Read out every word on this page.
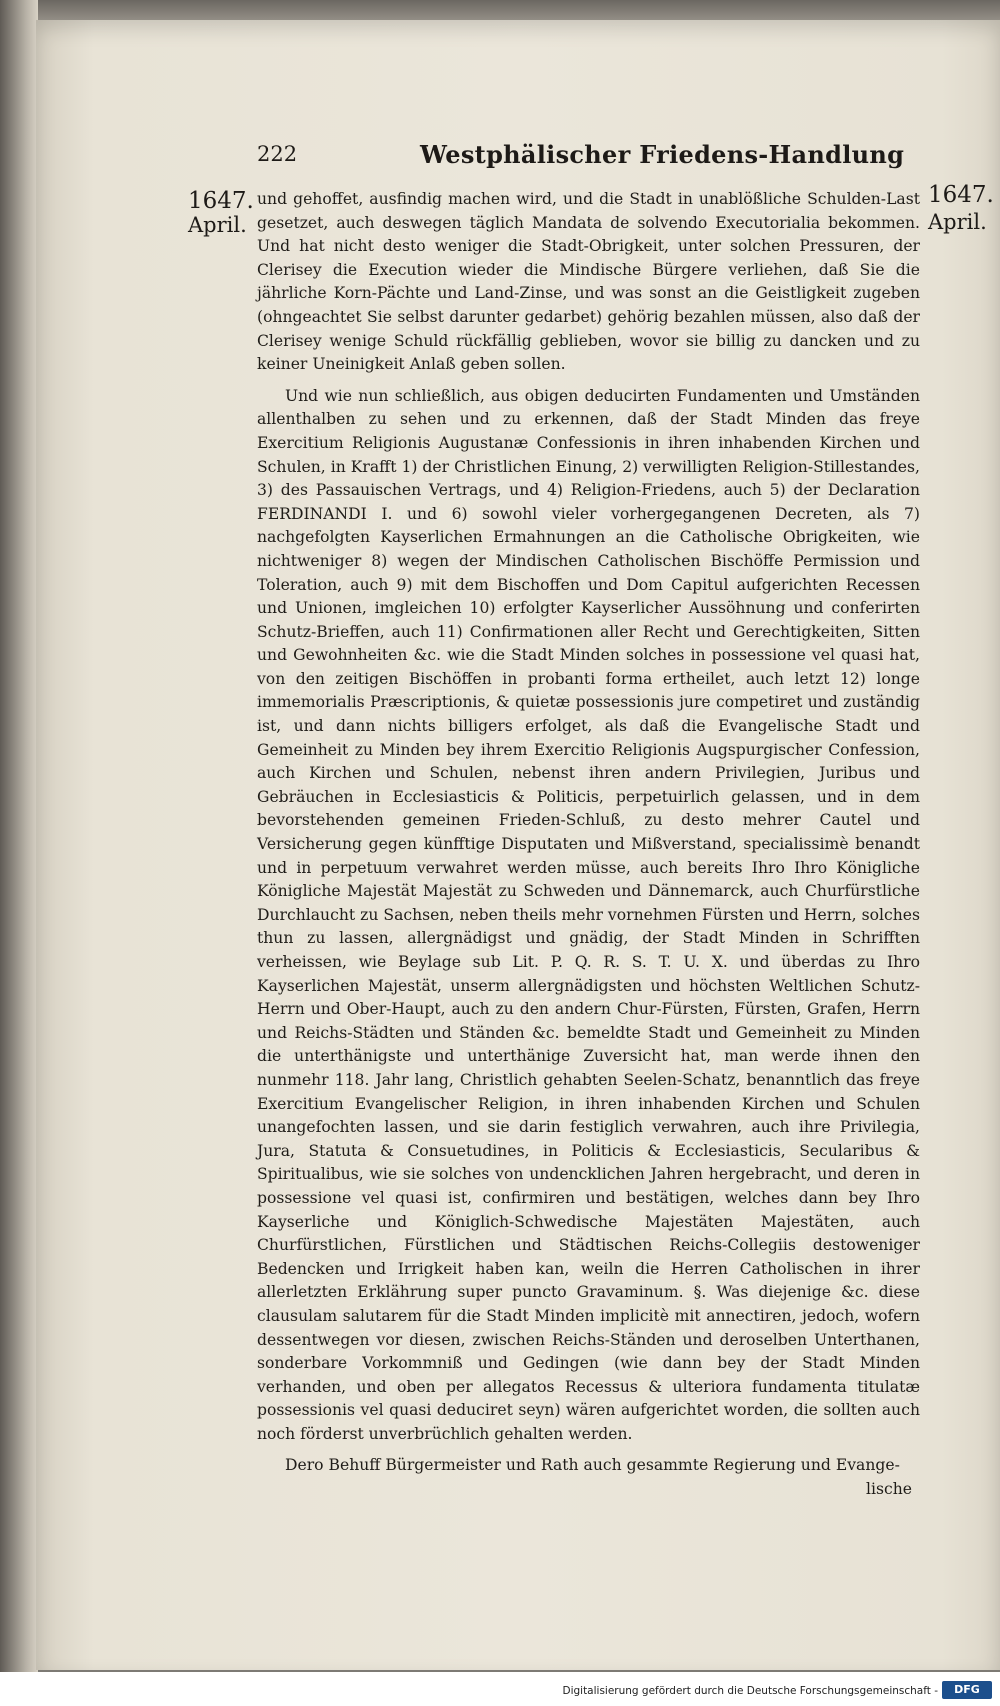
222	Westphälischer Friedens-Handlung
1647.
April.
1647.
April.

und gehoffet, ausfindig machen wird, und die Stadt in unablößliche Schulden-Last gesetzet, auch deswegen täglich Mandata de solvendo Executorialia bekommen. Und hat nicht desto weniger die Stadt-Obrigkeit, unter solchen Pressuren, der Clerisey die Execution wieder die Mindische Bürgere verliehen, daß Sie die jährliche Korn-Pächte und Land-Zinse, und was sonst an die Geistligkeit zugeben (ohngeachtet Sie selbst darunter gedarbet) gehörig bezahlen müssen, also daß der Clerisey wenige Schuld rückfällig geblieben, wovor sie billig zu dancken und zu keiner Uneinigkeit Anlaß geben sollen.

Und wie nun schließlich, aus obigen deducirten Fundamenten und Umständen allenthalben zu sehen und zu erkennen, daß der Stadt Minden das freye Exercitium Religionis Augustanæ Confessionis in ihren inhabenden Kirchen und Schulen, in Krafft 1) der Christlichen Einung, 2) verwilligten Religion-Stillestandes, 3) des Passauischen Vertrags, und 4) Religion-Friedens, auch 5) der Declaration FERDINANDI I. und 6) sowohl vieler vorhergegangenen Decreten, als 7) nachgefolgten Kayserlichen Ermahnungen an die Catholische Obrigkeiten, wie nichtweniger 8) wegen der Mindischen Catholischen Bischöffe Permission und Toleration, auch 9) mit dem Bischoffen und Dom Capitul aufgerichten Recessen und Unionen, imgleichen 10) erfolgter Kayserlicher Aussöhnung und conferirten Schutz-Brieffen, auch 11) Confirmationen aller Recht und Gerechtigkeiten, Sitten und Gewohnheiten &c. wie die Stadt Minden solches in possessione vel quasi hat, von den zeitigen Bischöffen in probanti forma ertheilet, auch letzt 12) longe immemorialis Præscriptionis, & quietæ possessionis jure competiret und zuständig ist, und dann nichts billigers erfolget, als daß die Evangelische Stadt und Gemeinheit zu Minden bey ihrem Exercitio Religionis Augspurgischer Confession, auch Kirchen und Schulen, nebenst ihren andern Privilegien, Juribus und Gebräuchen in Ecclesiasticis & Politicis, perpetuirlich gelassen, und in dem bevorstehenden gemeinen Frieden-Schluß, zu desto mehrer Cautel und Versicherung gegen künfftige Disputaten und Mißverstand, specialissimè benandt und in perpetuum verwahret werden müsse, auch bereits Ihro Ihro Königliche Königliche Majestät Majestät zu Schweden und Dännemarck, auch Churfürstliche Durchlaucht zu Sachsen, neben theils mehr vornehmen Fürsten und Herrn, solches thun zu lassen, allergnädigst und gnädig, der Stadt Minden in Schrifften verheissen, wie Beylage sub Lit. P. Q. R. S. T. U. X. und überdas zu Ihro Kayserlichen Majestät, unserm allergnädigsten und höchsten Weltlichen Schutz-Herrn und Ober-Haupt, auch zu den andern Chur-Fürsten, Fürsten, Grafen, Herrn und Reichs-Städten und Ständen &c. bemeldte Stadt und Gemeinheit zu Minden die unterthänigste und unterthänige Zuversicht hat, man werde ihnen den nunmehr 118. Jahr lang, Christlich gehabten Seelen-Schatz, benanntlich das freye Exercitium Evangelischer Religion, in ihren inhabenden Kirchen und Schulen unangefochten lassen, und sie darin festiglich verwahren, auch ihre Privilegia, Jura, Statuta & Consuetudines, in Politicis & Ecclesiasticis, Secularibus & Spiritualibus, wie sie solches von undencklichen Jahren hergebracht, und deren in possessione vel quasi ist, confirmiren und bestätigen, welches dann bey Ihro Kayserliche und Königlich-Schwedische Majestäten Majestäten, auch Churfürstlichen, Fürstlichen und Städtischen Reichs-Collegiis destoweniger Bedencken und Irrigkeit haben kan, weiln die Herren Catholischen in ihrer allerletzten Erklährung super puncto Gravaminum. §. Was diejenige &c. diese clausulam salutarem für die Stadt Minden implicitè mit annectiren, jedoch, wofern dessentwegen vor diesen, zwischen Reichs-Ständen und deroselben Unterthanen, sonderbare Vorkommniß und Gedingen (wie dann bey der Stadt Minden verhanden, und oben per allegatos Recessus & ulteriora fundamenta titulatæ possessionis vel quasi deduciret seyn) wären aufgerichtet worden, die sollten auch noch förderst unverbrüchlich gehalten werden.

Dero Behuff Bürgermeister und Rath auch gesammte Regierung und Evange-

lische
Digitalisierung gefördert durch die Deutsche Forschungsgemeinschaft -	DFG
